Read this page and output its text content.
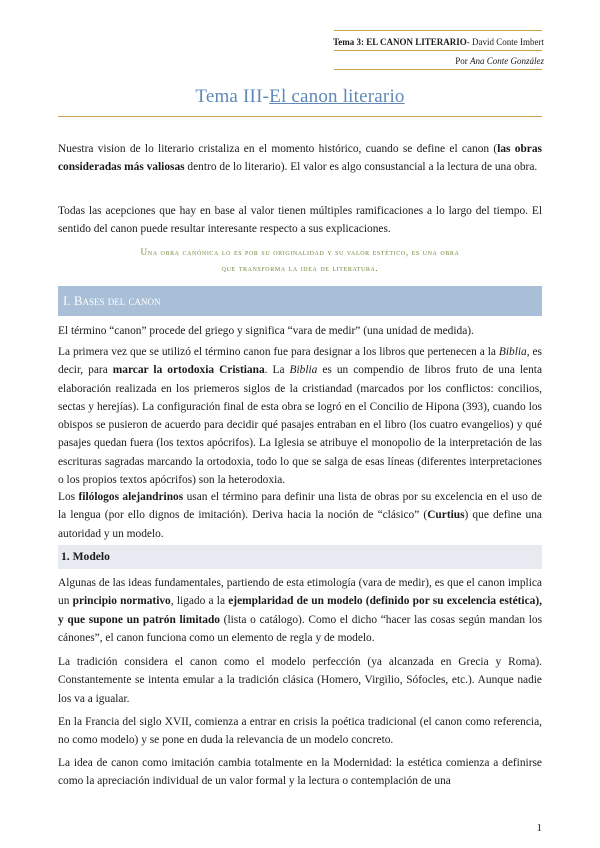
Tema 3: EL CANON LITERARIO- David Conte Imbert
Por Ana Conte González
Tema III-El canon literario

Nuestra vision de lo literario cristaliza en el momento histórico, cuando se define el canon (las obras consideradas más valiosas dentro de lo literario). El valor es algo consustancial a la lectura de una obra.

Todas las acepciones que hay en base al valor tienen múltiples ramificaciones a lo largo del tiempo. El sentido del canon puede resultar interesante respecto a sus explicaciones.

Una obra canónica lo es por su originalidad y su valor estético, es una obra
que transforma la idea de literatura.
I. Bases del canon

El término “canon” procede del griego y significa “vara de medir” (una unidad de medida).

La primera vez que se utilizó el término canon fue para designar a los libros que pertenecen a la Biblia, es decir, para marcar la ortodoxia Cristiana. La Biblia es un compendio de libros fruto de una lenta elaboración realizada en los priemeros siglos de la cristiandad (marcados por los conflictos: concilios, sectas y herejías). La configuración final de esta obra se logró en el Concilio de Hipona (393), cuando los obispos se pusieron de acuerdo para decidir qué pasajes entraban en el libro (los cuatro evangelios) y qué pasajes quedan fuera (los textos apócrifos). La Iglesia se atribuye el monopolio de la interpretación de las escrituras sagradas marcando la ortodoxia, todo lo que se salga de esas líneas (diferentes interpretaciones o los propios textos apócrifos) son la heterodoxia.

Los filólogos alejandrinos usan el término para definir una lista de obras por su excelencia en el uso de la lengua (por ello dignos de imitación). Deriva hacia la noción de “clásico” (Curtius) que define una autoridad y un modelo.

1. Modelo

Algunas de las ideas fundamentales, partiendo de esta etimología (vara de medir), es que el canon implica un principio normativo, ligado a la ejemplaridad de un modelo (definido por su excelencia estética), y que supone un patrón limitado (lista o catálogo). Como el dicho “hacer las cosas según mandan los cánones”, el canon funciona como un elemento de regla y de modelo.

La tradición considera el canon como el modelo perfección (ya alcanzada en Grecia y Roma). Constantemente se intenta emular a la tradición clásica (Homero, Virgilio, Sófocles, etc.). Aunque nadie los va a igualar.

En la Francia del siglo XVII, comienza a entrar en crisis la poética tradicional (el canon como referencia, no como modelo) y se pone en duda la relevancia de un modelo concreto.

La idea de canon como imitación cambia totalmente en la Modernidad: la estética comienza a definirse como la apreciación individual de un valor formal y la lectura o contemplación de una

1
